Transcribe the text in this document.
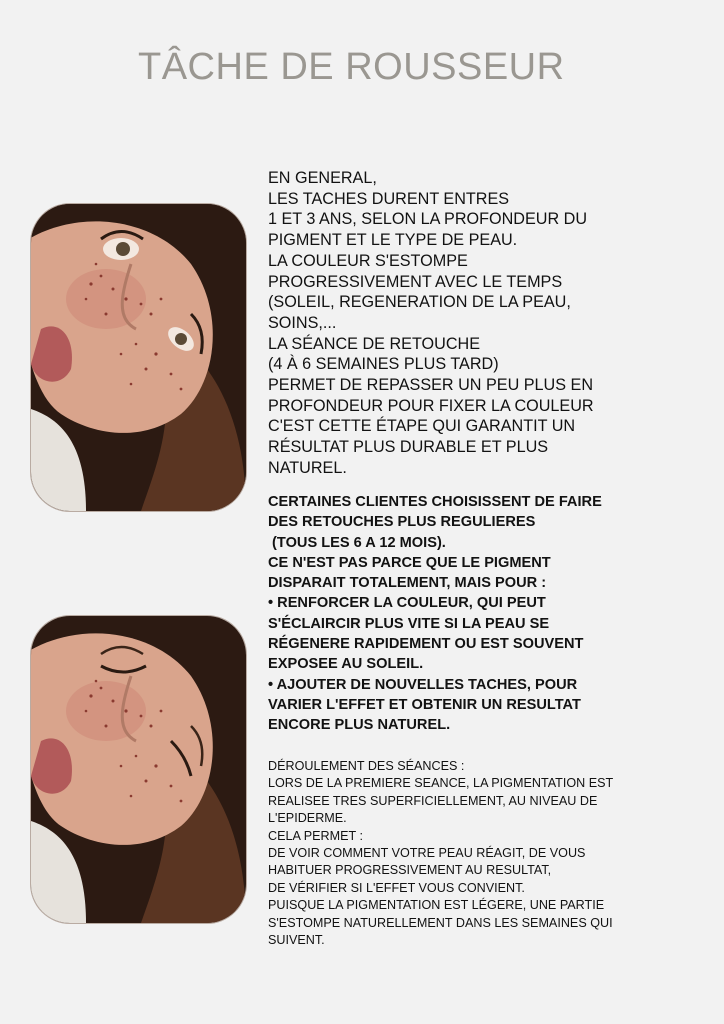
TÂCHE DE ROUSSEUR
EN GENERAL,
LES TACHES DURENT ENTRES
1 ET 3 ANS, SELON LA PROFONDEUR DU
PIGMENT ET LE TYPE DE PEAU.
LA COULEUR S'ESTOMPE
PROGRESSIVEMENT AVEC LE TEMPS
(SOLEIL, REGENERATION DE LA PEAU,
SOINS,...
LA SÉANCE DE RETOUCHE
(4 À 6 SEMAINES PLUS TARD)
PERMET DE REPASSER UN PEU PLUS EN
PROFONDEUR POUR FIXER LA COULEUR
C'EST CETTE ÉTAPE QUI GARANTIT UN
RÉSULTAT PLUS DURABLE ET PLUS
NATUREL.
CERTAINES CLIENTES CHOISISSENT DE FAIRE
DES RETOUCHES PLUS REGULIERES
(TOUS LES 6 A 12 MOIS).
CE N'EST PAS PARCE QUE LE PIGMENT
DISPARAIT TOTALEMENT, MAIS POUR :
• RENFORCER LA COULEUR, QUI PEUT
S'ÉCLAIRCIR PLUS VITE SI LA PEAU SE
RÉGENERE RAPIDEMENT OU EST SOUVENT
EXPOSEE AU SOLEIL.
• AJOUTER DE NOUVELLES TACHES, POUR
VARIER L'EFFET ET OBTENIR UN RESULTAT
ENCORE PLUS NATUREL.
DÉROULEMENT DES SÉANCES :
LORS DE LA PREMIERE SEANCE, LA PIGMENTATION EST
REALISEE TRES SUPERFICIELLEMENT, AU NIVEAU DE
L'EPIDERME.
CELA PERMET :
DE VOIR COMMENT VOTRE PEAU RÉAGIT, DE VOUS
HABITUER PROGRESSIVEMENT AU RESULTAT,
DE VÉRIFIER SI L'EFFET VOUS CONVIENT.
PUISQUE LA PIGMENTATION EST LÉGERE, UNE PARTIE
S'ESTOMPE NATURELLEMENT DANS LES SEMAINES QUI
SUIVENT.
